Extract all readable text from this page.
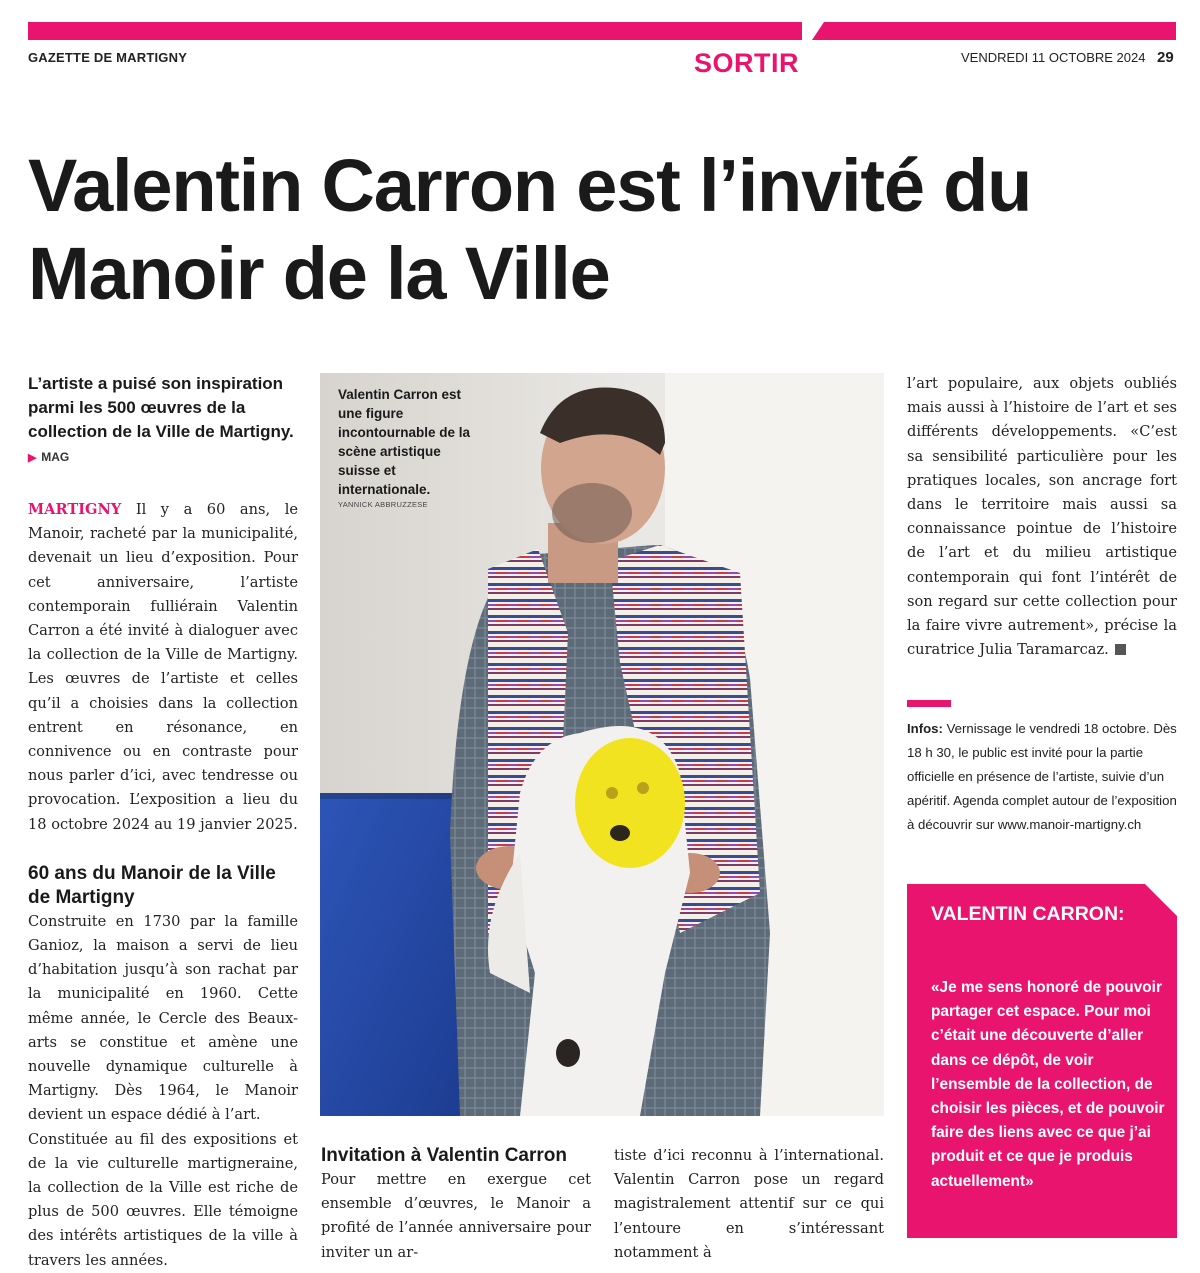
GAZETTE DE MARTIGNY	SORTIR	VENDREDI 11 OCTOBRE 2024 29
Valentin Carron est l’invité du Manoir de la Ville

L’artiste a puisé son inspiration parmi les 500 œuvres de la collection de la Ville de Martigny. ▶ MAG

MARTIGNY Il y a 60 ans, le Manoir, racheté par la municipalité, devenait un lieu d’exposition. Pour cet anniversaire, l’artiste contemporain fulliérain Valentin Carron a été invité à dialoguer avec la collection de la Ville de Martigny. Les œuvres de l’artiste et celles qu’il a choisies dans la collection entrent en résonance, en connivence ou en contraste pour nous parler d’ici, avec tendresse ou provocation. L’exposition a lieu du 18 octobre 2024 au 19 janvier 2025.

60 ans du Manoir de la Ville de Martigny

Construite en 1730 par la famille Ganioz, la maison a servi de lieu d’habitation jusqu’à son rachat par la municipalité en 1960. Cette même année, le Cercle des Beaux-arts se constitue et amène une nouvelle dynamique culturelle à Martigny. Dès 1964, le Manoir devient un espace dédié à l’art.

Constituée au fil des expositions et de la vie culturelle martigneraine, la collection de la Ville est riche de plus de 500 œuvres. Elle témoigne des intérêts artistiques de la ville à travers les années.

Valentin Carron est une figure incontournable de la scène artistique suisse et internationale.
YANNICK ABBRUZZESE
Invitation à Valentin Carron

Pour mettre en exergue cet ensemble d’œuvres, le Manoir a profité de l’année anniversaire pour inviter un ar-

tiste d’ici reconnu à l’international. Valentin Carron pose un regard magistralement attentif sur ce qui l’entoure en s’intéressant notamment à

l’art populaire, aux objets oubliés mais aussi à l’histoire de l’art et ses différents développements. «C’est sa sensibilité particulière pour les pratiques locales, son ancrage fort dans le territoire mais aussi sa connaissance pointue de l’histoire de l’art et du milieu artistique contemporain qui font l’intérêt de son regard sur cette collection pour la faire vivre autrement», précise la curatrice Julia Taramarcaz.

Infos: Vernissage le vendredi 18 octobre. Dès 18 h 30, le public est invité pour la partie officielle en présence de l’artiste, suivie d’un apéritif. Agenda complet autour de l’exposition à découvrir sur www.manoir-martigny.ch

VALENTIN CARRON:

«Je me sens honoré de pouvoir partager cet espace. Pour moi c’était une découverte d’aller dans ce dépôt, de voir l’ensemble de la collection, de choisir les pièces, et de pouvoir faire des liens avec ce que j’ai produit et ce que je produis actuellement»
